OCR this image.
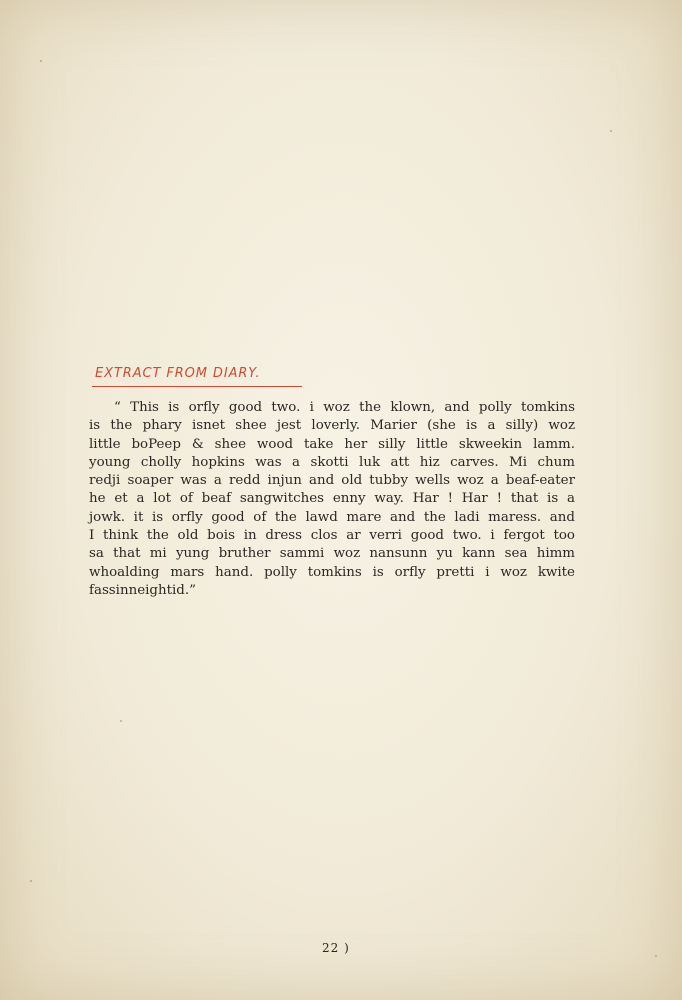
EXTRACT FROM DIARY.
“ This is orfly good two. i woz the klown, and polly tomkins
is the phary isnet shee jest loverly. Marier (she is a silly) woz
little boPeep & shee wood take her silly little skweekin lamm.
young cholly hopkins was a skotti luk att hiz carves. Mi chum
redji soaper was a redd injun and old tubby wells woz a beaf-eater
he et a lot of beaf sangwitches enny way. Har ! Har ! that is a
jowk. it is orfly good of the lawd mare and the ladi maress. and
I think the old bois in dress clos ar verri good two. i fergot too
sa that mi yung bruther sammi woz nansunn yu kann sea himm
whoalding mars hand. polly tomkins is orfly pretti i woz kwite
fassinneightid.”

22 )
